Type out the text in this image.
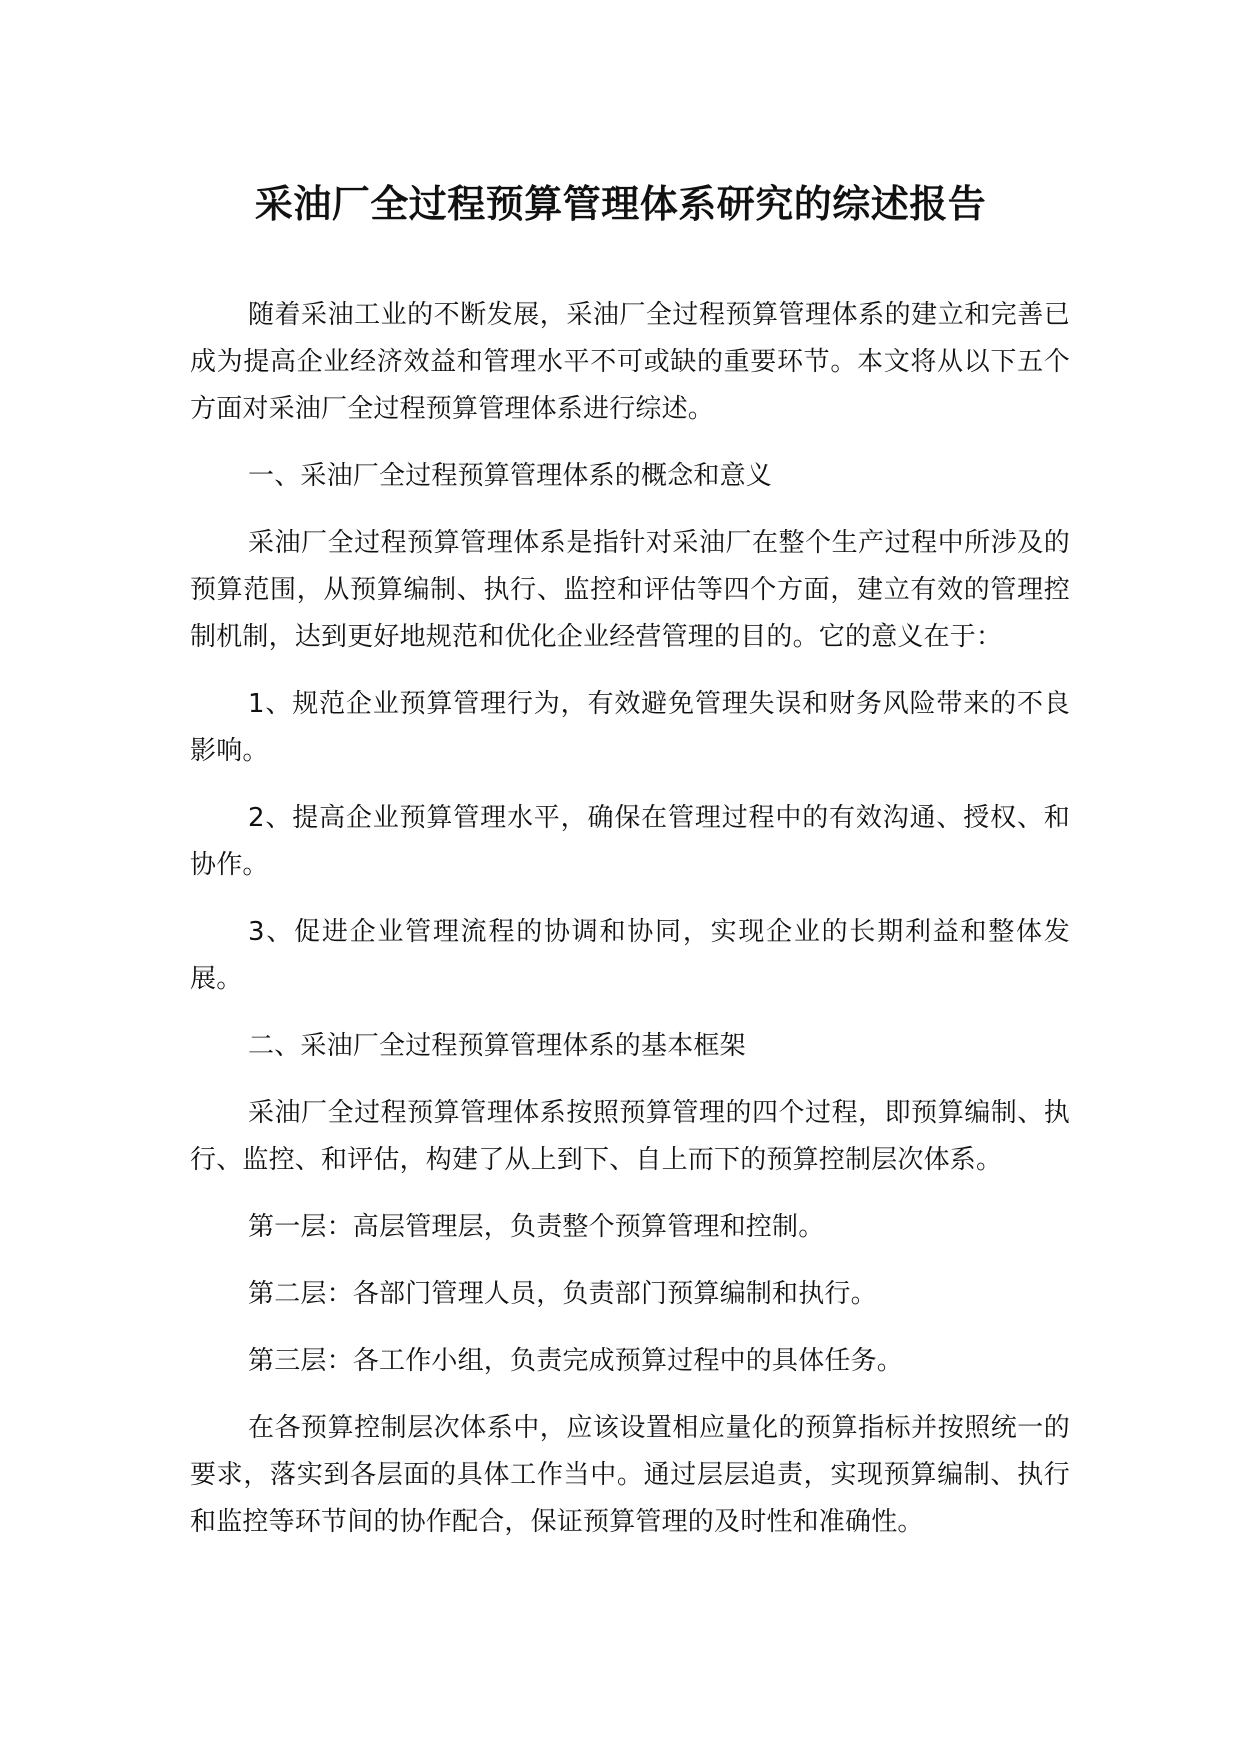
采油厂全过程预算管理体系研究的综述报告

随着采油工业的不断发展，采油厂全过程预算管理体系的建立和完善已成为提高企业经济效益和管理水平不可或缺的重要环节。本文将从以下五个方面对采油厂全过程预算管理体系进行综述。

一、采油厂全过程预算管理体系的概念和意义

采油厂全过程预算管理体系是指针对采油厂在整个生产过程中所涉及的预算范围，从预算编制、执行、监控和评估等四个方面，建立有效的管理控制机制，达到更好地规范和优化企业经营管理的目的。它的意义在于：

1、规范企业预算管理行为，有效避免管理失误和财务风险带来的不良影响。

2、提高企业预算管理水平，确保在管理过程中的有效沟通、授权、和协作。

3、促进企业管理流程的协调和协同，实现企业的长期利益和整体发展。

二、采油厂全过程预算管理体系的基本框架

采油厂全过程预算管理体系按照预算管理的四个过程，即预算编制、执行、监控、和评估，构建了从上到下、自上而下的预算控制层次体系。

第一层：高层管理层，负责整个预算管理和控制。

第二层：各部门管理人员，负责部门预算编制和执行。

第三层：各工作小组，负责完成预算过程中的具体任务。

在各预算控制层次体系中，应该设置相应量化的预算指标并按照统一的要求，落实到各层面的具体工作当中。通过层层追责，实现预算编制、执行和监控等环节间的协作配合，保证预算管理的及时性和准确性。
